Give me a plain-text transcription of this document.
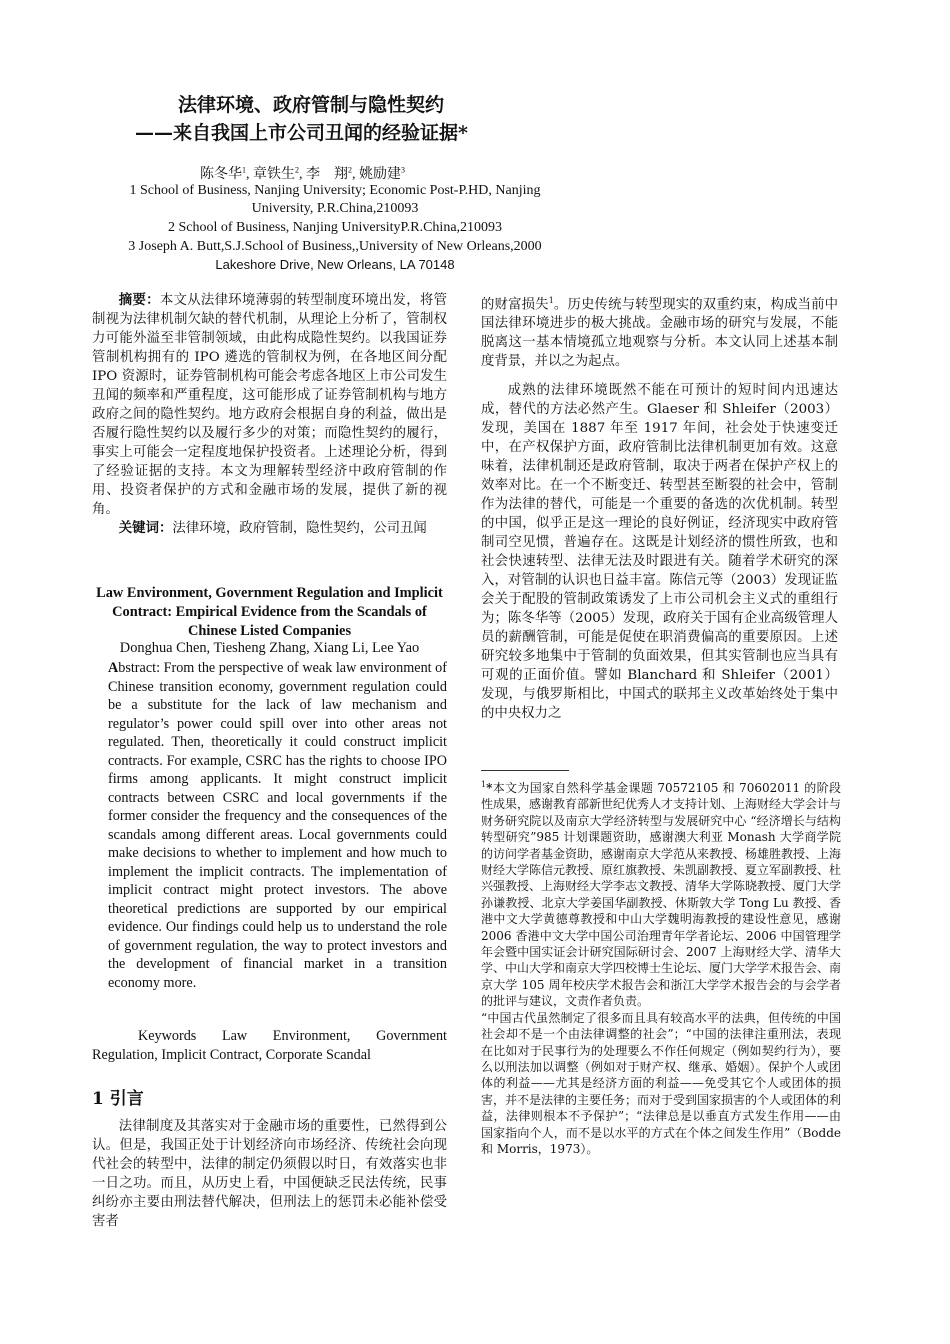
法律环境、政府管制与隐性契约
——来自我国上市公司丑闻的经验证据*
陈冬华$^1$, 章铁生$^2$, 李　翔$^2$, 姚励建$^3$
1 School of Business, Nanjing University; Economic Post-P.HD, Nanjing
University, P.R.China,210093
2 School of Business, Nanjing UniversityP.R.China,210093
3 Joseph A. Butt,S.J.School of Business,,University of New Orleans,2000
Lakeshore Drive, New Orleans, LA 70148

摘要：本文从法律环境薄弱的转型制度环境出发，将管制视为法律机制欠缺的替代机制，从理论上分析了，管制权力可能外溢至非管制领域，由此构成隐性契约。以我国证券管制机构拥有的 IPO 遴选的管制权为例，在各地区间分配 IPO 资源时，证券管制机构可能会考虑各地区上市公司发生丑闻的频率和严重程度，这可能形成了证券管制机构与地方政府之间的隐性契约。地方政府会根据自身的利益，做出是否履行隐性契约以及履行多少的对策；而隐性契约的履行，事实上可能会一定程度地保护投资者。上述理论分析，得到了经验证据的支持。本文为理解转型经济中政府管制的作用、投资者保护的方式和金融市场的发展，提供了新的视角。

关键词：法律环境，政府管制，隐性契约，公司丑闻

Law Environment, Government Regulation and Implicit Contract: Empirical Evidence from the Scandals of Chinese Listed Companies
Donghua Chen, Tiesheng Zhang, Xiang Li, Lee Yao
Abstract: From the perspective of weak law environment of Chinese transition economy, government regulation could be a substitute for the lack of law mechanism and regulator’s power could spill over into other areas not regulated. Then, theoretically it could construct implicit contracts. For example, CSRC has the rights to choose IPO firms among applicants. It might construct implicit contracts between CSRC and local governments if the former consider the frequency and the consequences of the scandals among different areas. Local governments could make decisions to whether to implement and how much to implement the implicit contracts. The implementation of implicit contract might protect investors. The above theoretical predictions are supported by our empirical evidence. Our findings could help us to understand the role of government regulation, the way to protect investors and the development of financial market in a transition economy more.
Keywords Law Environment, Government Regulation, Implicit Contract, Corporate Scandal
1 引言

法律制度及其落实对于金融市场的重要性，已然得到公认。但是，我国正处于计划经济向市场经济、传统社会向现代社会的转型中，法律的制定仍须假以时日，有效落实也非一日之功。而且，从历史上看，中国便缺乏民法传统，民事纠纷亦主要由刑法替代解决，但刑法上的惩罚未必能补偿受害者

的财富损失$^1$。历史传统与转型现实的双重约束，构成当前中国法律环境进步的极大挑战。金融市场的研究与发展，不能脱离这一基本情境孤立地观察与分析。本文认同上述基本制度背景，并以之为起点。

成熟的法律环境既然不能在可预计的短时间内迅速达成，替代的方法必然产生。Glaeser 和 Shleifer（2003）发现，美国在 1887 年至 1917 年间，社会处于快速变迁中，在产权保护方面，政府管制比法律机制更加有效。这意味着，法律机制还是政府管制，取决于两者在保护产权上的效率对比。在一个不断变迁、转型甚至断裂的社会中，管制作为法律的替代，可能是一个重要的备选的次优机制。转型的中国，似乎正是这一理论的良好例证，经济现实中政府管制司空见惯，普遍存在。这既是计划经济的惯性所致，也和社会快速转型、法律无法及时跟进有关。随着学术研究的深入，对管制的认识也日益丰富。陈信元等（2003）发现证监会关于配股的管制政策诱发了上市公司机会主义式的重组行为；陈冬华等（2005）发现，政府关于国有企业高级管理人员的薪酬管制，可能是促使在职消费偏高的重要原因。上述研究较多地集中于管制的负面效果，但其实管制也应当具有可观的正面价值。譬如 Blanchard 和 Shleifer（2001）发现，与俄罗斯相比，中国式的联邦主义改革始终处于集中的中央权力之

$^1$*本文为国家自然科学基金课题 70572105 和 70602011 的阶段性成果，感谢教育部新世纪优秀人才支持计划、上海财经大学会计与财务研究院以及南京大学经济转型与发展研究中心 “经济增长与结构转型研究”985 计划课题资助，感谢澳大利亚 Monash 大学商学院的访问学者基金资助，感谢南京大学范从来教授、杨雄胜教授、上海财经大学陈信元教授、原红旗教授、朱凯副教授、夏立军副教授、杜兴强教授、上海财经大学李志文教授、清华大学陈晓教授、厦门大学孙谦教授、北京大学姜国华副教授、休斯敦大学 Tong Lu 教授、香港中文大学黄德尊教授和中山大学魏明海教授的建设性意见，感谢 2006 香港中文大学中国公司治理青年学者论坛、2006 中国管理学年会暨中国实证会计研究国际研讨会、2007 上海财经大学、清华大学、中山大学和南京大学四校博士生论坛、厦门大学学术报告会、南京大学 105 周年校庆学术报告会和浙江大学学术报告会的与会学者的批评与建议，文责作者负责。

“中国古代虽然制定了很多而且具有较高水平的法典，但传统的中国社会却不是一个由法律调整的社会”；“中国的法律注重刑法，表现在比如对于民事行为的处理要么不作任何规定（例如契约行为），要么以刑法加以调整（例如对于财产权、继承、婚姻）。保护个人或团体的利益——尤其是经济方面的利益——免受其它个人或团体的损害，并不是法律的主要任务；而对于受到国家损害的个人或团体的利益，法律则根本不予保护”；“法律总是以垂直方式发生作用——由国家指向个人，而不是以水平的方式在个体之间发生作用”（Bodde 和 Morris，1973）。
